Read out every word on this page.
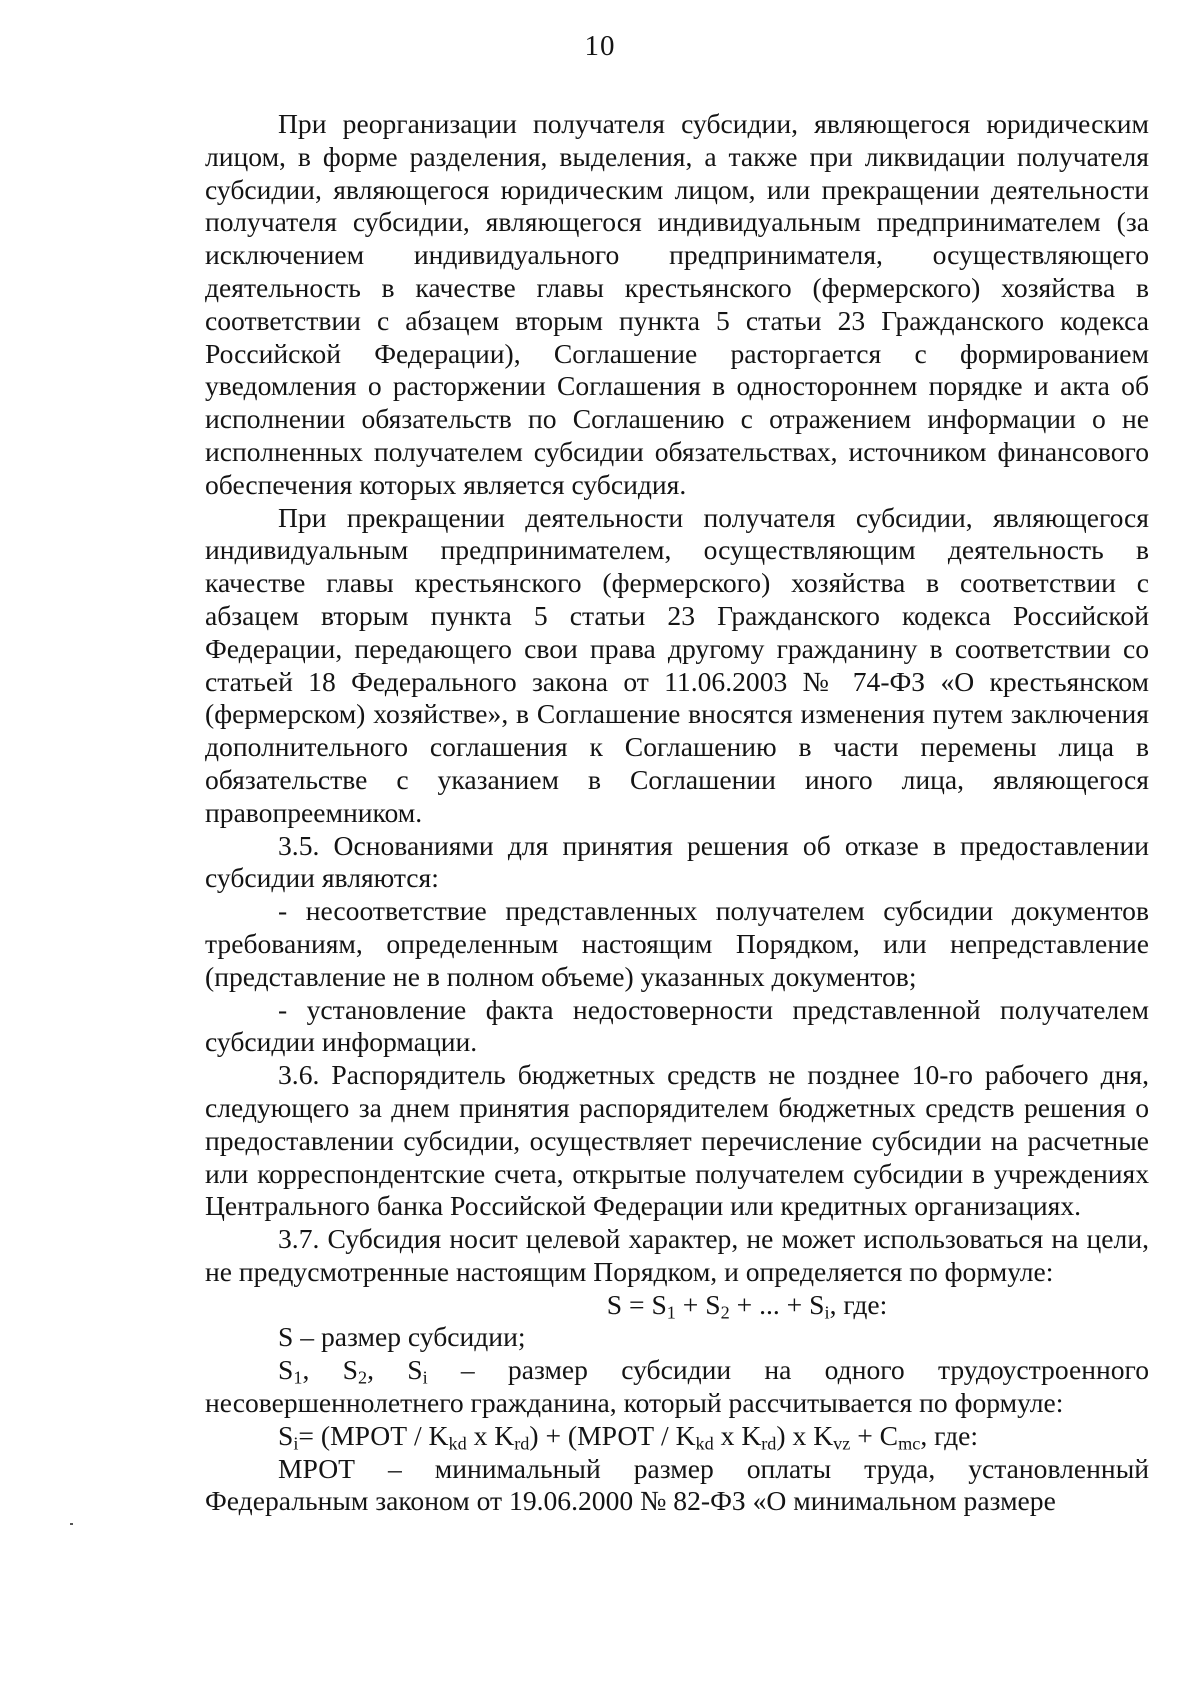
10

При реорганизации получателя субсидии, являющегося юридическим лицом, в форме разделения, выделения, а также при ликвидации получателя субсидии, являющегося юридическим лицом, или прекращении деятельности получателя субсидии, являющегося индивидуальным предпринимателем (за исключением индивидуального предпринимателя, осуществляющего деятельность в качестве главы крестьянского (фермерского) хозяйства в соответствии с абзацем вторым пункта 5 статьи 23 Гражданского кодекса Российской Федерации), Соглашение расторгается с формированием уведомления о расторжении Соглашения в одностороннем порядке и акта об исполнении обязательств по Соглашению с отражением информации о не исполненных получателем субсидии обязательствах, источником финансового обеспечения которых является субсидия.

При прекращении деятельности получателя субсидии, являющегося индивидуальным предпринимателем, осуществляющим деятельность в качестве главы крестьянского (фермерского) хозяйства в соответствии с абзацем вторым пункта 5 статьи 23 Гражданского кодекса Российской Федерации, передающего свои права другому гражданину в соответствии со статьей 18 Федерального закона от 11.06.2003 № 74-ФЗ «О крестьянском (фермерском) хозяйстве», в Соглашение вносятся изменения путем заключения дополнительного соглашения к Соглашению в части перемены лица в обязательстве с указанием в Соглашении иного лица, являющегося правопреемником.

3.5. Основаниями для принятия решения об отказе в предоставлении субсидии являются:

- несоответствие представленных получателем субсидии документов требованиям, определенным настоящим Порядком, или непредставление (представление не в полном объеме) указанных документов;

- установление факта недостоверности представленной получателем субсидии информации.

3.6. Распорядитель бюджетных средств не позднее 10-го рабочего дня, следующего за днем принятия распорядителем бюджетных средств решения о предоставлении субсидии, осуществляет перечисление субсидии на расчетные или корреспондентские счета, открытые получателем субсидии в учреждениях Центрального банка Российской Федерации или кредитных организациях.

3.7. Субсидия носит целевой характер, не может использоваться на цели, не предусмотренные настоящим Порядком, и определяется по формуле:

$S = S_1 + S_2$ + ... + $S_i$, где:

S – размер субсидии;

$S_1$, $S_2$, $S_i$ – размер субсидии на одного трудоустроенного несовершеннолетнего гражданина, который рассчитывается по формуле:

$S_i=$ (МРОТ / $K_{kd}$ x $K_{rd}$) + (МРОТ / $K_{kd}$ x $K_{rd}$) x $K_{vz} + C_{mc}$, где:

МРОТ – минимальный размер оплаты труда, установленный Федеральным законом от 19.06.2000 № 82-ФЗ «О минимальном размере
